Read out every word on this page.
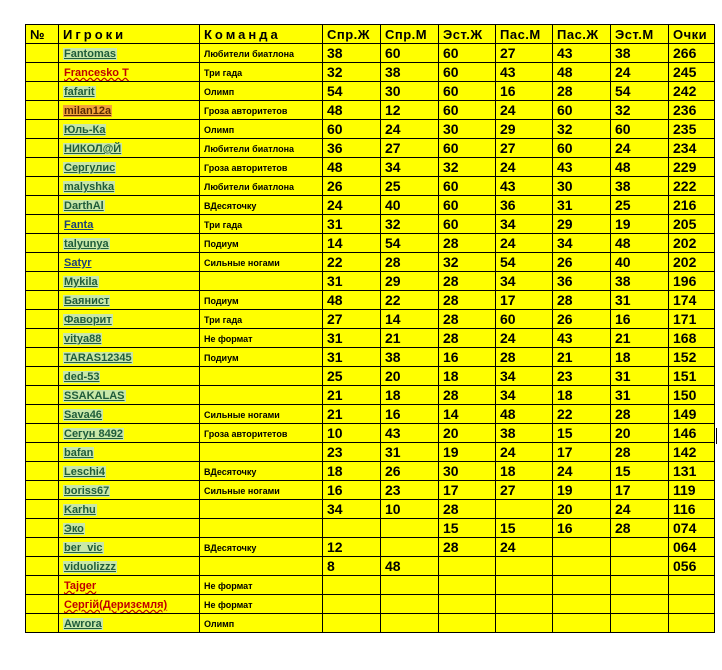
№	Игроки	Команда	Спр.Ж	Спр.М	Эст.Ж	Пас.М	Пас.Ж	Эст.М	Очки
	Fantomas	Любители биатлона	38	60	60	27	43	38	266
	Francesko T	Три гада	32	38	60	43	48	24	245
	fafarit	Олимп	54	30	60	16	28	54	242
	milan12a	Гроза авторитетов	48	12	60	24	60	32	236
	Юль-Ка	Олимп	60	24	30	29	32	60	235
	НИКОЛ@Й	Любители биатлона	36	27	60	27	60	24	234
	Сергулис	Гроза авторитетов	48	34	32	24	43	48	229
	malyshka	Любители биатлона	26	25	60	43	30	38	222
	DarthAl	ВДесяточку	24	40	60	36	31	25	216
	Fanta	Три гада	31	32	60	34	29	19	205
	talyunya	Подиум	14	54	28	24	34	48	202
	Satyr	Сильные ногами	22	28	32	54	26	40	202
	Mykila		31	29	28	34	36	38	196
	Баянист	Подиум	48	22	28	17	28	31	174
	Фаворит	Три гада	27	14	28	60	26	16	171
	vitya88	Не формат	31	21	28	24	43	21	168
	TARAS12345	Подиум	31	38	16	28	21	18	152
	ded-53		25	20	18	34	23	31	151
	SSAKALAS		21	18	28	34	18	31	150
	Sava46	Сильные ногами	21	16	14	48	22	28	149
	Сегун 8492	Гроза авторитетов	10	43	20	38	15	20	146
	bafan		23	31	19	24	17	28	142
	Leschi4	ВДесяточку	18	26	30	18	24	15	131
	boriss67	Сильные ногами	16	23	17	27	19	17	119
	Karhu		34	10	28		20	24	116
	Эко				15	15	16	28	074
	ber_vic	ВДесяточку	12		28	24			064
	viduolizzz		8	48					056
	Tajger	Не формат							
	Сергій(Деризємля)	Не формат							
	Awrora	Олимп							
